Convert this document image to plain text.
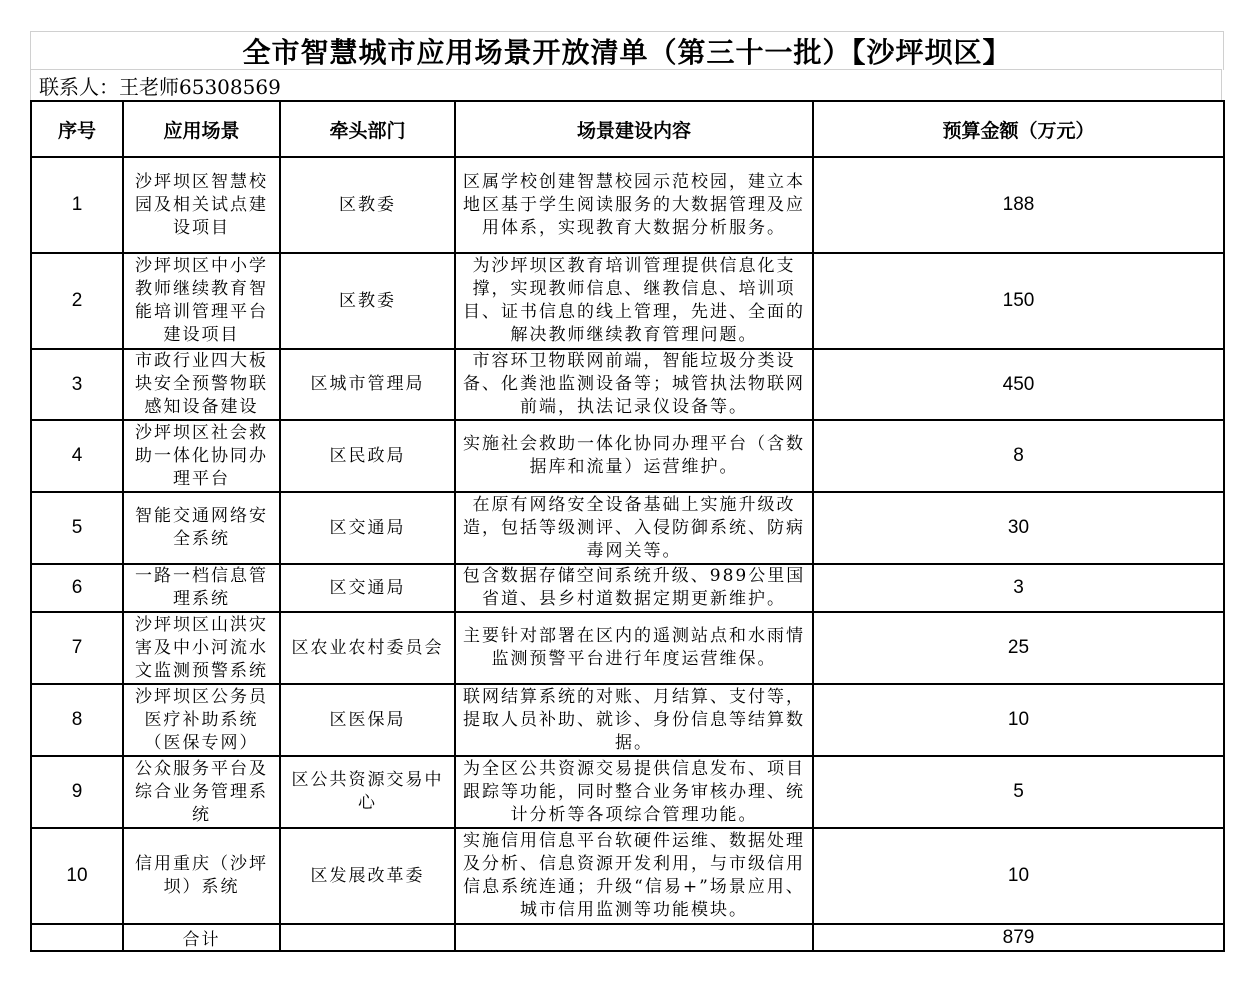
全市智慧城市应用场景开放清单（第三十一批）【沙坪坝区】
联系人：王老师65308569
序号	应用场景	牵头部门	场景建设内容	预算金额（万元）
1	沙坪坝区智慧校园及相关试点建设项目	区教委	区属学校创建智慧校园示范校园，建立本地区基于学生阅读服务的大数据管理及应用体系，实现教育大数据分析服务。	188
2	沙坪坝区中小学教师继续教育智能培训管理平台建设项目	区教委	为沙坪坝区教育培训管理提供信息化支撑，实现教师信息、继教信息、培训项目、证书信息的线上管理，先进、全面的解决教师继续教育管理问题。	150
3	市政行业四大板块安全预警物联感知设备建设	区城市管理局	市容环卫物联网前端，智能垃圾分类设备、化粪池监测设备等；城管执法物联网前端，执法记录仪设备等。	450
4	沙坪坝区社会救助一体化协同办理平台	区民政局	实施社会救助一体化协同办理平台（含数据库和流量）运营维护。	8
5	智能交通网络安全系统	区交通局	在原有网络安全设备基础上实施升级改造，包括等级测评、入侵防御系统、防病毒网关等。	30
6	一路一档信息管理系统	区交通局	包含数据存储空间系统升级、989公里国省道、县乡村道数据定期更新维护。	3
7	沙坪坝区山洪灾害及中小河流水文监测预警系统	区农业农村委员会	主要针对部署在区内的遥测站点和水雨情监测预警平台进行年度运营维保。	25
8	沙坪坝区公务员医疗补助系统（医保专网）	区医保局	联网结算系统的对账、月结算、支付等，提取人员补助、就诊、身份信息等结算数据。	10
9	公众服务平台及综合业务管理系统	区公共资源交易中心	为全区公共资源交易提供信息发布、项目跟踪等功能，同时整合业务审核办理、统计分析等各项综合管理功能。	5
10	信用重庆（沙坪坝）系统	区发展改革委	实施信用信息平台软硬件运维、数据处理及分析、信息资源开发利用，与市级信用信息系统连通；升级“信易+”场景应用、城市信用监测等功能模块。	10
	合计			879
